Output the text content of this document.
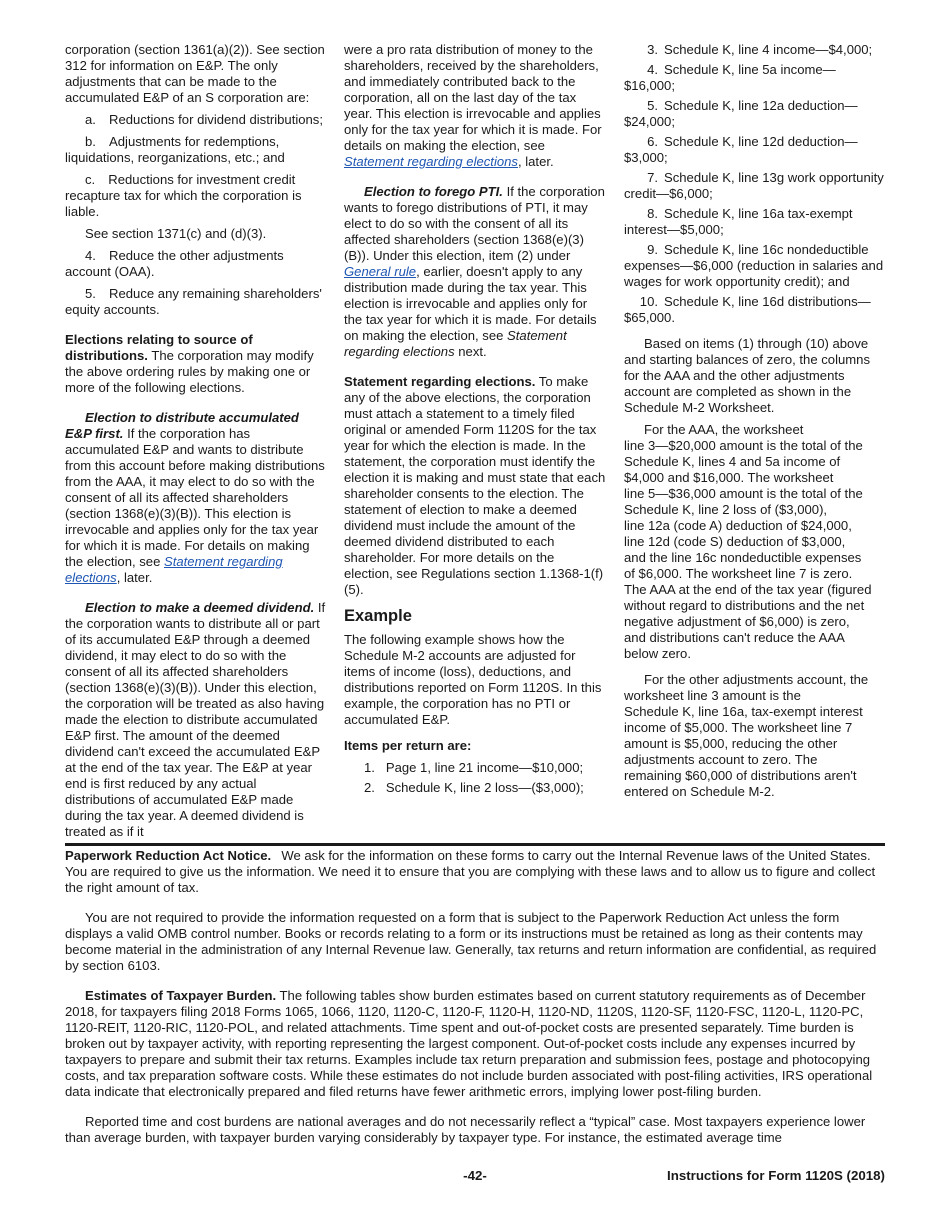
corporation (section 1361(a)(2)). See section 312 for information on E&P. The only adjustments that can be made to the accumulated E&P of an S corporation are:

a. Reductions for dividend distributions;

b. Adjustments for redemptions, liquidations, reorganizations, etc.; and

c. Reductions for investment credit recapture tax for which the corporation is liable.

See section 1371(c) and (d)(3).

4. Reduce the other adjustments account (OAA).

5. Reduce any remaining shareholders' equity accounts.

Elections relating to source of distributions. The corporation may modify the above ordering rules by making one or more of the following elections.

Election to distribute accumulated E&P first. If the corporation has accumulated E&P and wants to distribute from this account before making distributions from the AAA, it may elect to do so with the consent of all its affected shareholders (section 1368(e)(3)(B)). This election is irrevocable and applies only for the tax year for which it is made. For details on making the election, see Statement regarding elections, later.

Election to make a deemed dividend. If the corporation wants to distribute all or part of its accumulated E&P through a deemed dividend, it may elect to do so with the consent of all its affected shareholders (section 1368(e)(3)(B)). Under this election, the corporation will be treated as also having made the election to distribute accumulated E&P first. The amount of the deemed dividend can't exceed the accumulated E&P at the end of the tax year. The E&P at year end is first reduced by any actual distributions of accumulated E&P made during the tax year. A deemed dividend is treated as if it

were a pro rata distribution of money to the shareholders, received by the shareholders, and immediately contributed back to the corporation, all on the last day of the tax year. This election is irrevocable and applies only for the tax year for which it is made. For details on making the election, see Statement regarding elections, later.

Election to forego PTI. If the corporation wants to forego distributions of PTI, it may elect to do so with the consent of all its affected shareholders (section 1368(e)(3)(B)). Under this election, item (2) under General rule, earlier, doesn't apply to any distribution made during the tax year. This election is irrevocable and applies only for the tax year for which it is made. For details on making the election, see Statement regarding elections next.

Statement regarding elections. To make any of the above elections, the corporation must attach a statement to a timely filed original or amended Form 1120S for the tax year for which the election is made. In the statement, the corporation must identify the election it is making and must state that each shareholder consents to the election. The statement of election to make a deemed dividend must include the amount of the deemed dividend distributed to each shareholder. For more details on the election, see Regulations section 1.1368-1(f)(5).

Example

The following example shows how the Schedule M-2 accounts are adjusted for items of income (loss), deductions, and distributions reported on Form 1120S. In this example, the corporation has no PTI or accumulated E&P.

Items per return are:

1. Page 1, line 21 income—$10,000;

2. Schedule K, line 2 loss—($3,000);

3. Schedule K, line 4 income—$4,000;

4. Schedule K, line 5a income—$16,000;

5. Schedule K, line 12a deduction—$24,000;

6. Schedule K, line 12d deduction—$3,000;

7. Schedule K, line 13g work opportunity credit—$6,000;

8. Schedule K, line 16a tax-exempt interest—$5,000;

9. Schedule K, line 16c nondeductible expenses—$6,000 (reduction in salaries and wages for work opportunity credit); and

10. Schedule K, line 16d distributions—$65,000.

Based on items (1) through (10) above and starting balances of zero, the columns for the AAA and the other adjustments account are completed as shown in the Schedule M-2 Worksheet.

For the AAA, the worksheet
line 3—$20,000 amount is the total of the
Schedule K, lines 4 and 5a income of
$4,000 and $16,000. The worksheet
line 5—$36,000 amount is the total of the
Schedule K, line 2 loss of ($3,000),
line 12a (code A) deduction of $24,000,
line 12d (code S) deduction of $3,000,
and the line 16c nondeductible expenses
of $6,000. The worksheet line 7 is zero.
The AAA at the end of the tax year (figured
without regard to distributions and the net
negative adjustment of $6,000) is zero,
and distributions can't reduce the AAA
below zero.
For the other adjustments account, the
worksheet line 3 amount is the
Schedule K, line 16a, tax-exempt interest
income of $5,000. The worksheet line 7
amount is $5,000, reducing the other
adjustments account to zero. The
remaining $60,000 of distributions aren't
entered on Schedule M-2.

Paperwork Reduction Act Notice.  We ask for the information on these forms to carry out the Internal Revenue laws of the United States. You are required to give us the information. We need it to ensure that you are complying with these laws and to allow us to figure and collect the right amount of tax.

You are not required to provide the information requested on a form that is subject to the Paperwork Reduction Act unless the form displays a valid OMB control number. Books or records relating to a form or its instructions must be retained as long as their contents may become material in the administration of any Internal Revenue law. Generally, tax returns and return information are confidential, as required by section 6103.

Estimates of Taxpayer Burden. The following tables show burden estimates based on current statutory requirements as of December 2018, for taxpayers filing 2018 Forms 1065, 1066, 1120, 1120-C, 1120-F, 1120-H, 1120-ND, 1120S, 1120-SF, 1120-FSC, 1120-L, 1120-PC, 1120-REIT, 1120-RIC, 1120-POL, and related attachments. Time spent and out-of-pocket costs are presented separately. Time burden is broken out by taxpayer activity, with reporting representing the largest component. Out-of-pocket costs include any expenses incurred by taxpayers to prepare and submit their tax returns. Examples include tax return preparation and submission fees, postage and photocopying costs, and tax preparation software costs. While these estimates do not include burden associated with post-filing activities, IRS operational data indicate that electronically prepared and filed returns have fewer arithmetic errors, implying lower post-filing burden.

Reported time and cost burdens are national averages and do not necessarily reflect a “typical” case. Most taxpayers experience lower than average burden, with taxpayer burden varying considerably by taxpayer type. For instance, the estimated average time

-42-	Instructions for Form 1120S (2018)
